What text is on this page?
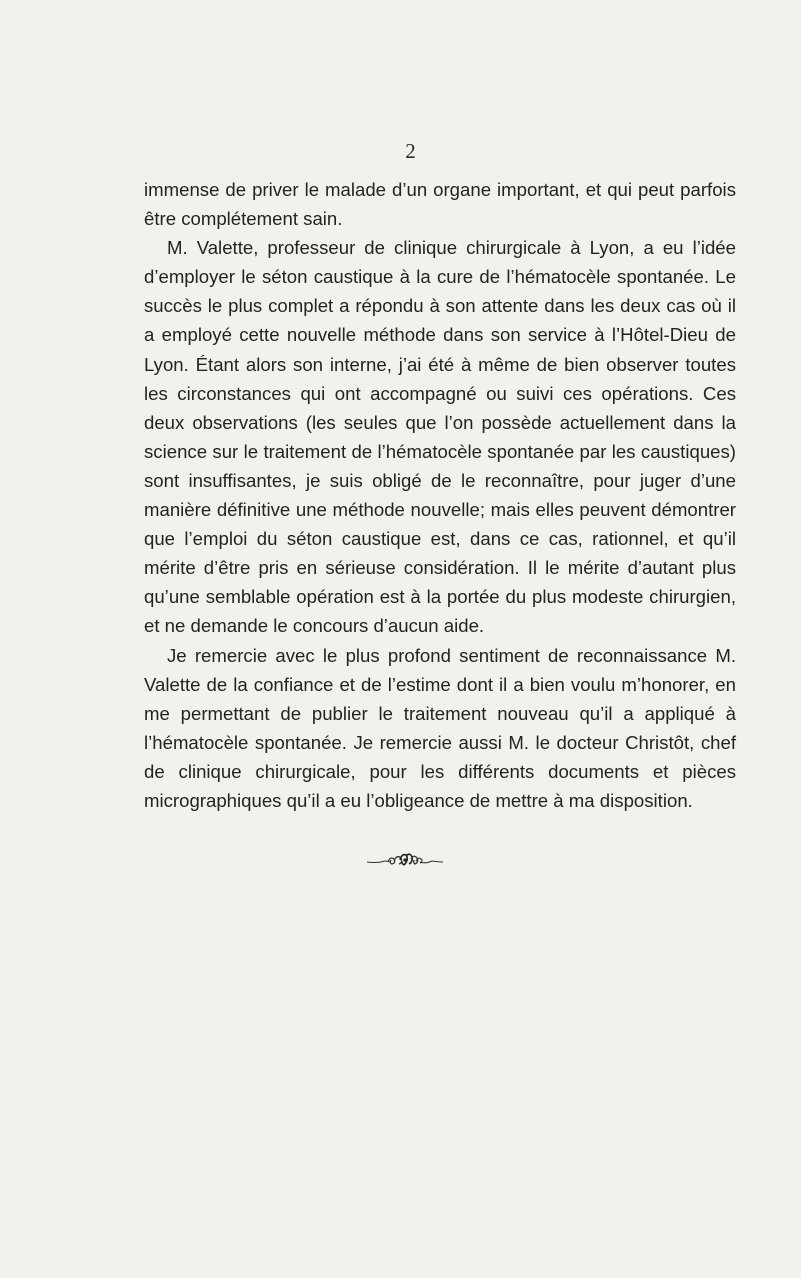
2

immense de priver le malade d’un organe important, et qui peut parfois être complétement sain.

M. Valette, professeur de clinique chirurgicale à Lyon, a eu l’idée d’employer le séton caustique à la cure de l’hématocèle spontanée. Le succès le plus complet a répondu à son attente dans les deux cas où il a employé cette nouvelle méthode dans son service à l’Hôtel-Dieu de Lyon. Étant alors son interne, j’ai été à même de bien observer toutes les circonstances qui ont accompagné ou suivi ces opérations. Ces deux observations (les seules que l’on possède actuellement dans la science sur le traitement de l’hématocèle spontanée par les caustiques) sont insuffisantes, je suis obligé de le reconnaître, pour juger d’une manière définitive une méthode nouvelle; mais elles peuvent démontrer que l’emploi du séton caustique est, dans ce cas, rationnel, et qu’il mérite d’être pris en sérieuse considération. Il le mérite d’autant plus qu’une semblable opération est à la portée du plus modeste chirurgien, et ne demande le concours d’aucun aide.

Je remercie avec le plus profond sentiment de reconnaissance M. Valette de la confiance et de l’estime dont il a bien voulu m’honorer, en me permettant de publier le traitement nouveau qu’il a appliqué à l’hématocèle spontanée. Je remercie aussi M. le docteur Christôt, chef de clinique chirurgicale, pour les différents documents et pièces micrographiques qu’il a eu l’obligeance de mettre à ma disposition.
